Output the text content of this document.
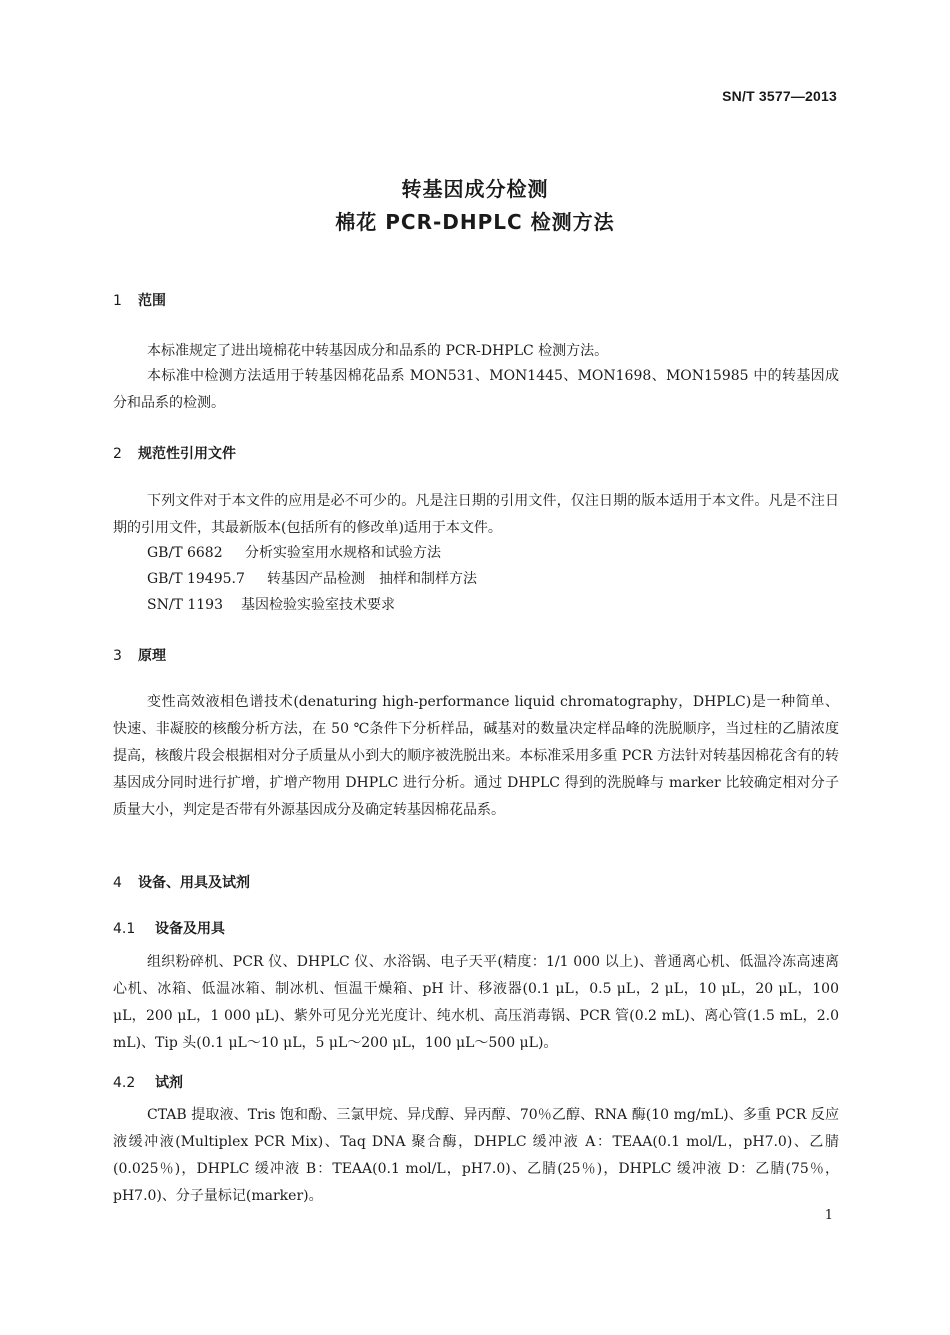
SN/T 3577—2013
转基因成分检测
棉花 PCR-DHPLC 检测方法
1 范围
本标准规定了进出境棉花中转基因成分和品系的 PCR-DHPLC 检测方法。
本标准中检测方法适用于转基因棉花品系 MON531、MON1445、MON1698、MON15985 中的转基因成分和品系的检测。
2 规范性引用文件
下列文件对于本文件的应用是必不可少的。凡是注日期的引用文件，仅注日期的版本适用于本文件。凡是不注日期的引用文件，其最新版本(包括所有的修改单)适用于本文件。
GB/T 6682 分析实验室用水规格和试验方法
GB/T 19495.7 转基因产品检测　抽样和制样方法
SN/T 1193 基因检验实验室技术要求
3 原理
变性高效液相色谱技术(denaturing high-performance liquid chromatography，DHPLC)是一种简单、快速、非凝胶的核酸分析方法，在 50 ℃条件下分析样品，碱基对的数量决定样品峰的洗脱顺序，当过柱的乙腈浓度提高，核酸片段会根据相对分子质量从小到大的顺序被洗脱出来。本标准采用多重 PCR 方法针对转基因棉花含有的转基因成分同时进行扩增，扩增产物用 DHPLC 进行分析。通过 DHPLC 得到的洗脱峰与 marker 比较确定相对分子质量大小，判定是否带有外源基因成分及确定转基因棉花品系。
4 设备、用具及试剂
4.1 设备及用具
组织粉碎机、PCR 仪、DHPLC 仪、水浴锅、电子天平(精度：1/1 000 以上)、普通离心机、低温冷冻高速离心机、冰箱、低温冰箱、制冰机、恒温干燥箱、pH 计、移液器(0.1 μL，0.5 μL，2 μL，10 μL，20 μL，100 μL，200 μL，1 000 μL)、紫外可见分光光度计、纯水机、高压消毒锅、PCR 管(0.2 mL)、离心管(1.5 mL，2.0 mL)、Tip 头(0.1 μL～10 μL，5 μL～200 μL，100 μL～500 μL)。
4.2 试剂
CTAB 提取液、Tris 饱和酚、三氯甲烷、异戊醇、异丙醇、70％乙醇、RNA 酶(10 mg/mL)、多重 PCR 反应液缓冲液(Multiplex PCR Mix)、Taq DNA 聚合酶，DHPLC 缓冲液 A：TEAA(0.1 mol/L，pH7.0)、乙腈(0.025％)，DHPLC 缓冲液 B：TEAA(0.1 mol/L，pH7.0)、乙腈(25％)，DHPLC 缓冲液 D：乙腈(75％，pH7.0)、分子量标记(marker)。
1
